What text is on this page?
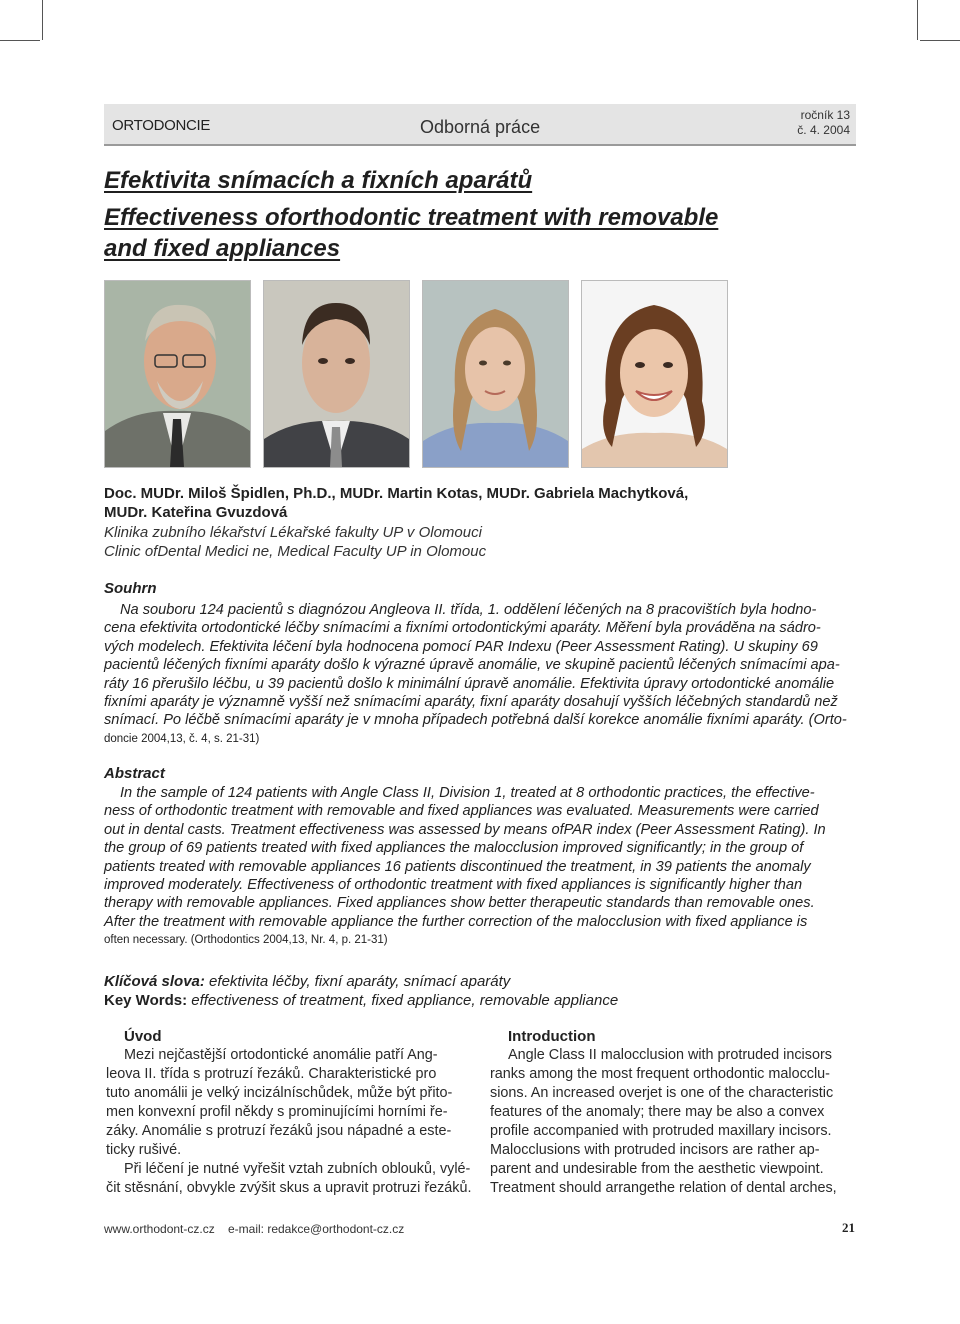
ORTODONCIE	Odborná práce
ročník 13
č. 4. 2004
Efektivita snímacích a fixních aparátů
Effectiveness oforthodontic treatment with removable
and fixed appliances
Doc. MUDr. Miloš Špidlen, Ph.D., MUDr. Martin Kotas, MUDr. Gabriela Machytková,
MUDr. Kateřina Gvuzdová
Klinika zubního lékařství Lékařské fakulty UP v Olomouci
Clinic ofDental Medici ne, Medical Faculty UP in Olomouc
Souhrn
Na souboru 124 pacientů s diagnózou Angleova II. třída, 1. oddělení léčených na 8 pracovištích byla hodno-
cena efektivita ortodontické léčby snímacími a fixními ortodontickými aparáty. Měření byla prováděna na sádro-
vých modelech. Efektivita léčení byla hodnocena pomocí PAR Indexu (Peer Assessment Rating). U skupiny 69
pacientů léčených fixními aparáty došlo k výrazné úpravě anomálie, ve skupině pacientů léčených snímacími apa-
ráty 16 přerušilo léčbu, u 39 pacientů došlo k minimální úpravě anomálie. Efektivita úpravy ortodontické anomálie
fixními aparáty je významně vyšší než snímacími aparáty, fixní aparáty dosahují vyšších léčebných standardů než
snímací. Po léčbě snímacími aparáty je v mnoha případech potřebná další korekce anomálie fixními aparáty. (Orto-
doncie 2004,13, č. 4, s. 21-31)
Abstract
In the sample of 124 patients with Angle Class II, Division 1, treated at 8 orthodontic practices, the effective-
ness of orthodontic treatment with removable and fixed appliances was evaluated. Measurements were carried
out in dental casts. Treatment effectiveness was assessed by means ofPAR index (Peer Assessment Rating). In
the group of 69 patients treated with fixed appliances the malocclusion improved significantly; in the group of
patients treated with removable appliances 16 patients discontinued the treatment, in 39 patients the anomaly
improved moderately. Effectiveness of orthodontic treatment with fixed appliances is significantly higher than
therapy with removable appliances. Fixed appliances show better therapeutic standards than removable ones.
After the treatment with removable appliance the further correction of the malocclusion with fixed appliance is
often necessary. (Orthodontics 2004,13, Nr. 4, p. 21-31)
Klíčová slova: efektivita léčby, fixní aparáty, snímací aparáty
Key Words: effectiveness of treatment, fixed appliance, removable appliance
Úvod
Mezi nejčastější ortodontické anomálie patří Ang-
leova II. třída s protruzí řezáků. Charakteristické pro
tuto anomálii je velký incizálníschůdek, může být přito-
men konvexní profil někdy s prominujícími horními ře-
záky. Anomálie s protruzí řezáků jsou nápadné a este-
ticky rušivé.
Při léčení je nutné vyřešit vztah zubních oblouků, vylé-
čit stěsnání, obvykle zvýšit skus a upravit protruzi řezáků.
Introduction
Angle Class II malocclusion with protruded incisors
ranks among the most frequent orthodontic malocclu-
sions. An increased overjet is one of the characteristic
features of the anomaly; there may be also a convex
profile accompanied with protruded maxillary incisors.
Malocclusions with protruded incisors are rather ap-
parent and undesirable from the aesthetic viewpoint.
Treatment should arrangethe relation of dental arches,
www.orthodont-cz.cz e-mail: redakce@orthodont-cz.cz	21
